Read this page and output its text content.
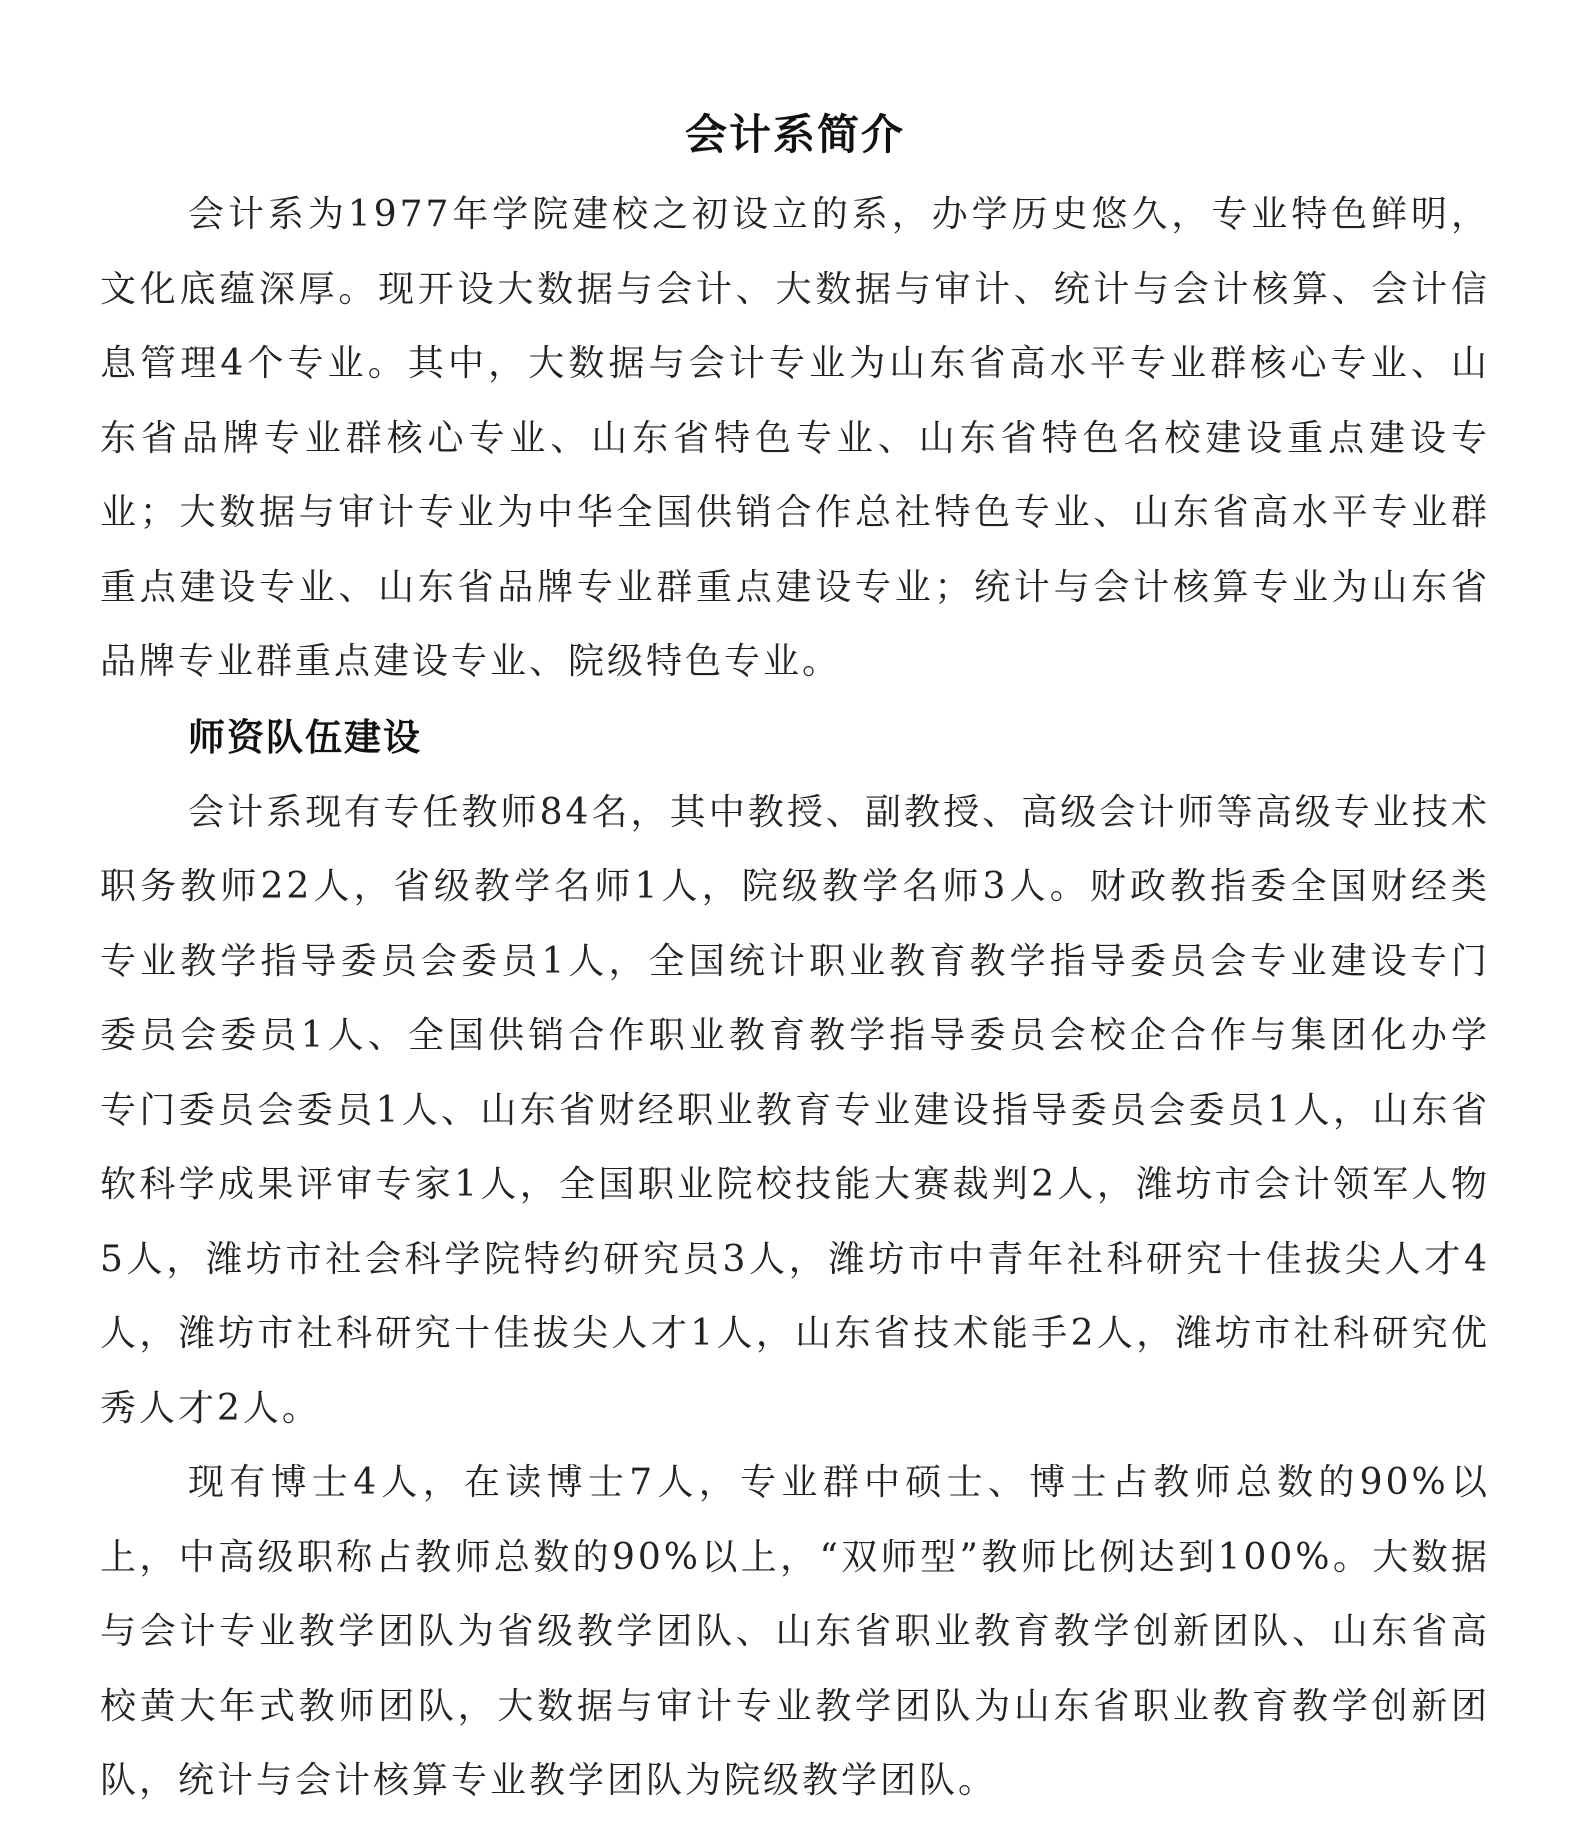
会计系简介

会计系为1977年学院建校之初设立的系，办学历史悠久，专业特色鲜明，文化底蕴深厚。现开设大数据与会计、大数据与审计、统计与会计核算、会计信息管理4个专业。其中，大数据与会计专业为山东省高水平专业群核心专业、山东省品牌专业群核心专业、山东省特色专业、山东省特色名校建设重点建设专业；大数据与审计专业为中华全国供销合作总社特色专业、山东省高水平专业群重点建设专业、山东省品牌专业群重点建设专业；统计与会计核算专业为山东省品牌专业群重点建设专业、院级特色专业。

师资队伍建设

会计系现有专任教师84名，其中教授、副教授、高级会计师等高级专业技术职务教师22人，省级教学名师1人，院级教学名师3人。财政教指委全国财经类专业教学指导委员会委员1人，全国统计职业教育教学指导委员会专业建设专门委员会委员1人、全国供销合作职业教育教学指导委员会校企合作与集团化办学专门委员会委员1人、山东省财经职业教育专业建设指导委员会委员1人，山东省软科学成果评审专家1人，全国职业院校技能大赛裁判2人，潍坊市会计领军人物5人，潍坊市社会科学院特约研究员3人，潍坊市中青年社科研究十佳拔尖人才4人，潍坊市社科研究十佳拔尖人才1人，山东省技术能手2人，潍坊市社科研究优秀人才2人。

现有博士4人，在读博士7人，专业群中硕士、博士占教师总数的90%以上，中高级职称占教师总数的90%以上，“双师型”教师比例达到100%。大数据与会计专业教学团队为省级教学团队、山东省职业教育教学创新团队、山东省高校黄大年式教师团队，大数据与审计专业教学团队为山东省职业教育教学创新团队，统计与会计核算专业教学团队为院级教学团队。
